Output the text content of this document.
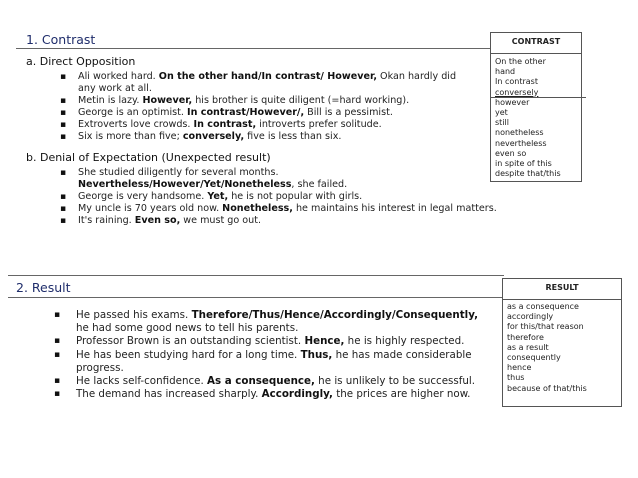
1. Contrast	CONTRAST
On the other
hand
In contrast
conversely
however
yet
still
nonetheless
nevertheless
even so
in spite of this
despite that/this
a. Direct Opposition
▪ Ali worked hard. On the other hand/In contrast/ However, Okan hardly did
any work at all.
▪ Metin is lazy. However, his brother is quite diligent (=hard working).
▪ George is an optimist. In contrast/However/, Bill is a pessimist.
▪ Extroverts love crowds. In contrast, introverts prefer solitude.
▪ Six is more than five; conversely, five is less than six.
b. Denial of Expectation (Unexpected result)
▪ She studied diligently for several months.
Nevertheless/However/Yet/Nonetheless, she failed.
▪ George is very handsome. Yet, he is not popular with girls.
▪ My uncle is 70 years old now. Nonetheless, he maintains his interest in legal matters.
▪ It's raining. Even so, we must go out.
2. Result	RESULT
as a consequence
accordingly
for this/that reason
therefore
as a result
consequently
hence
thus
because of that/this
▪ He passed his exams. Therefore/Thus/Hence/Accordingly/Consequently,
he had some good news to tell his parents.
▪ Professor Brown is an outstanding scientist. Hence, he is highly respected.
▪ He has been studying hard for a long time. Thus, he has made considerable
progress.
▪ He lacks self-confidence. As a consequence, he is unlikely to be successful.
▪ The demand has increased sharply. Accordingly, the prices are higher now.
